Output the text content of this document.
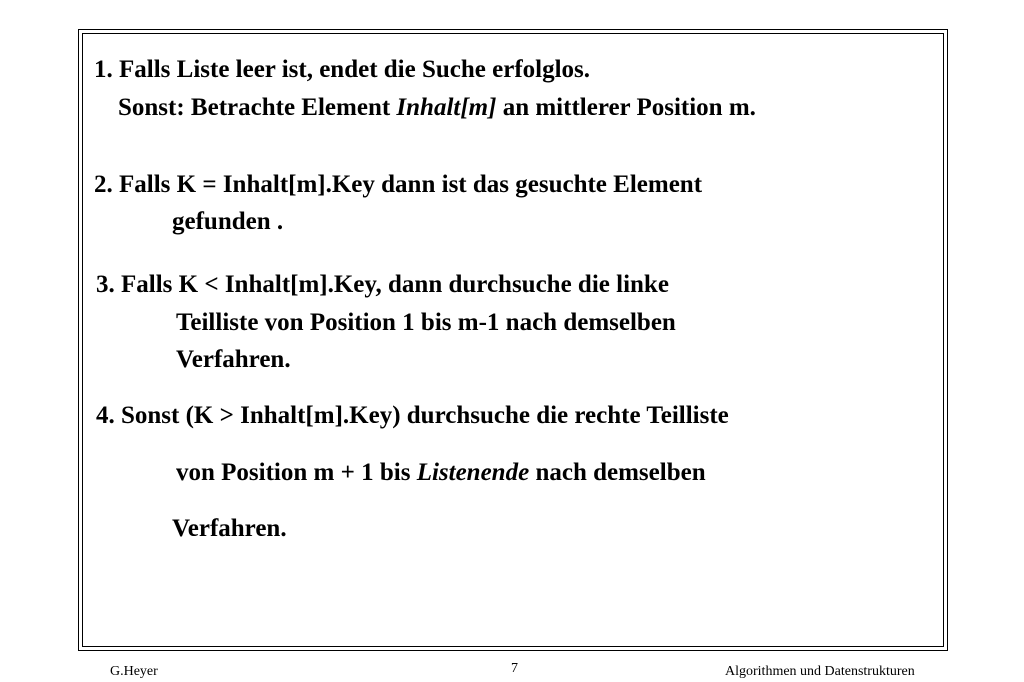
1. Falls Liste leer ist, endet die Suche erfolglos.
Sonst: Betrachte Element Inhalt[m] an mittlerer Position m.
2. Falls K = Inhalt[m].Key dann ist das gesuchte Element
gefunden .
3. Falls K < Inhalt[m].Key, dann durchsuche die linke
Teilliste von Position 1 bis m-1 nach demselben
Verfahren.
4. Sonst (K > Inhalt[m].Key) durchsuche die rechte Teilliste
von Position m + 1 bis Listenende nach demselben
Verfahren.
G.Heyer	7	Algorithmen und Datenstrukturen
